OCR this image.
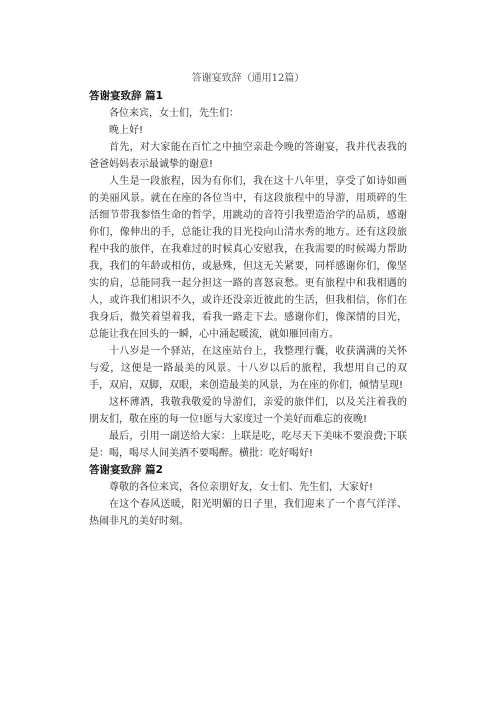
答谢宴致辞（通用12篇）
答谢宴致辞 篇1

各位来宾，女士们，先生们：

晚上好!

首先，对大家能在百忙之中抽空亲赴今晚的答谢宴，我并代表我的爸爸妈妈表示最诚挚的谢意!

人生是一段旅程，因为有你们，我在这十八年里，享受了如诗如画的美丽风景。就在在座的各位当中，有这段旅程中的导游，用琐碎的生活细节带我参悟生命的哲学，用跳动的音符引我塑造治学的品质，感谢你们，像伸出的手，总能让我的目光投向山清水秀的地方。还有这段旅程中我的旅伴，在我难过的时候真心安慰我，在我需要的时候竭力帮助我，我们的年龄或相仿，或悬殊，但这无关紧要，同样感谢你们，像坚实的肩，总能同我一起分担这一路的喜怒哀愁。更有旅程中和我相遇的人，或许我们相识不久，或许还没亲近彼此的生活，但我相信，你们在我身后，微笑着望着我，看我一路走下去。感谢你们，像深情的目光，总能让我在回头的一瞬，心中涌起暖流，就如雁回南方。

十八岁是一个驿站，在这座站台上，我整理行囊，收获满满的关怀与爱，这便是一路最美的风景。十八岁以后的旅程，我想用自己的双手，双肩，双脚，双眼，来创造最美的风景，为在座的你们，倾情呈现!

这杯薄酒，我敬我敬爱的导游们，亲爱的旅伴们，以及关注着我的朋友们，敬在座的每一位!愿与大家度过一个美好而难忘的夜晚!

最后，引用一副送给大家：上联是吃，吃尽天下美味不要浪费;下联是：喝，喝尽人间美酒不要喝醉。横批：吃好喝好!

答谢宴致辞 篇2

尊敬的各位来宾，各位亲朋好友，女士们、先生们，大家好!

在这个春风送暖，阳光明媚的日子里，我们迎来了一个喜气洋洋、热闹非凡的美好时刻。
